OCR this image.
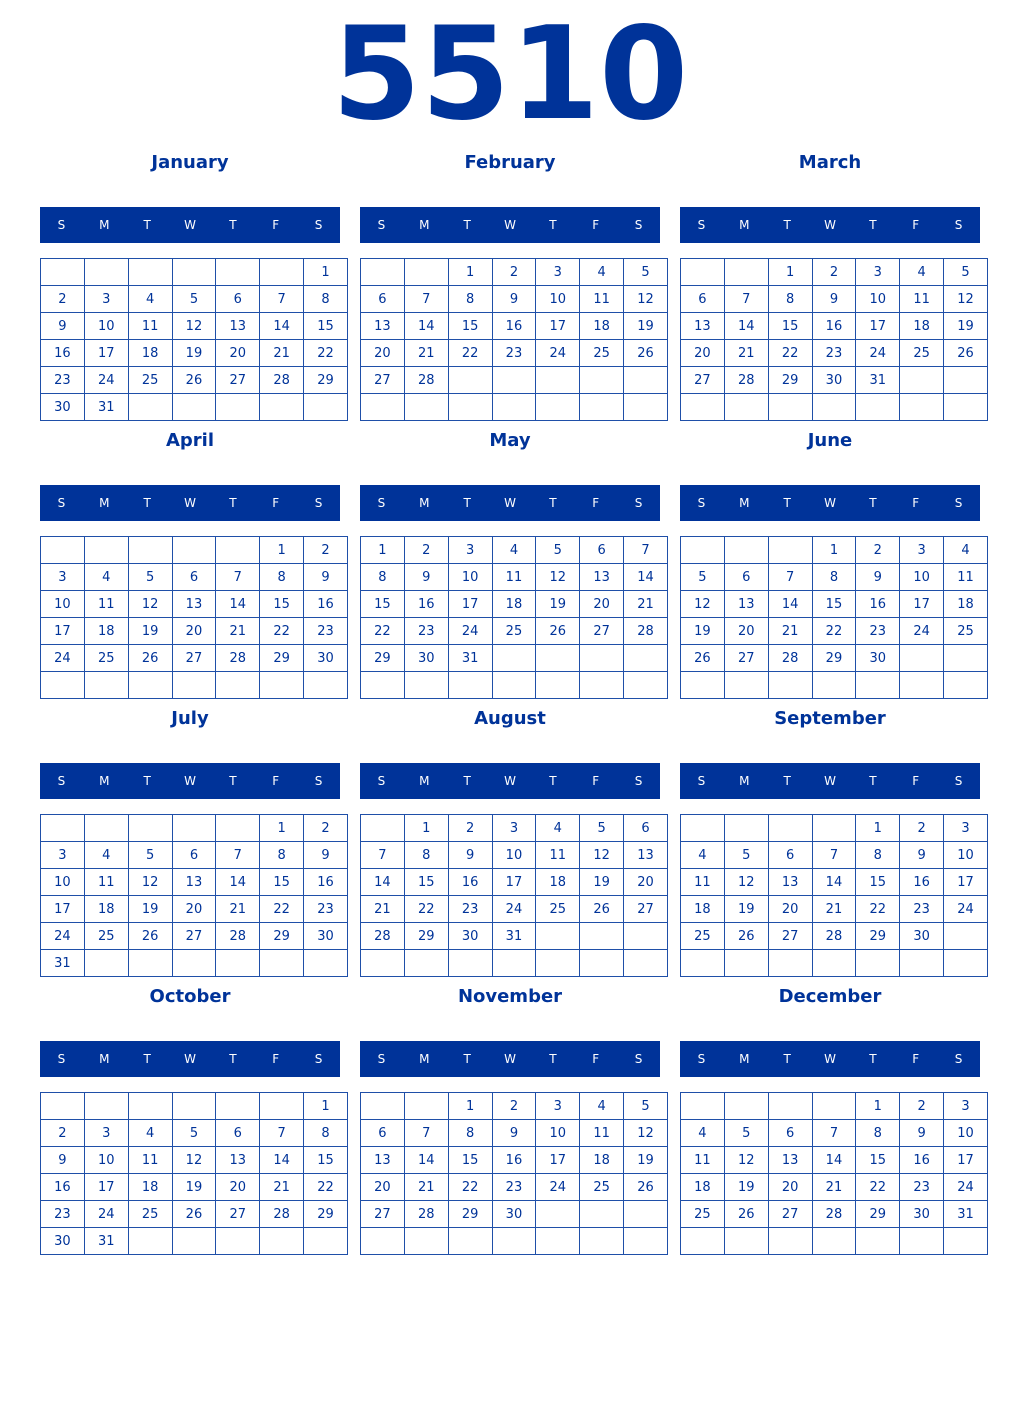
5510
January
S	M	T	W	T	F	S
						1
2	3	4	5	6	7	8
9	10	11	12	13	14	15
16	17	18	19	20	21	22
23	24	25	26	27	28	29
30	31					
February
S	M	T	W	T	F	S
		1	2	3	4	5
6	7	8	9	10	11	12
13	14	15	16	17	18	19
20	21	22	23	24	25	26
27	28					

March
S	M	T	W	T	F	S
		1	2	3	4	5
6	7	8	9	10	11	12
13	14	15	16	17	18	19
20	21	22	23	24	25	26
27	28	29	30	31		

April
S	M	T	W	T	F	S
					1	2
3	4	5	6	7	8	9
10	11	12	13	14	15	16
17	18	19	20	21	22	23
24	25	26	27	28	29	30

May
S	M	T	W	T	F	S
1	2	3	4	5	6	7
8	9	10	11	12	13	14
15	16	17	18	19	20	21
22	23	24	25	26	27	28
29	30	31				

June
S	M	T	W	T	F	S
			1	2	3	4
5	6	7	8	9	10	11
12	13	14	15	16	17	18
19	20	21	22	23	24	25
26	27	28	29	30		

July
S	M	T	W	T	F	S
					1	2
3	4	5	6	7	8	9
10	11	12	13	14	15	16
17	18	19	20	21	22	23
24	25	26	27	28	29	30
31						
August
S	M	T	W	T	F	S
	1	2	3	4	5	6
7	8	9	10	11	12	13
14	15	16	17	18	19	20
21	22	23	24	25	26	27
28	29	30	31			

September
S	M	T	W	T	F	S
				1	2	3
4	5	6	7	8	9	10
11	12	13	14	15	16	17
18	19	20	21	22	23	24
25	26	27	28	29	30	

October
S	M	T	W	T	F	S
						1
2	3	4	5	6	7	8
9	10	11	12	13	14	15
16	17	18	19	20	21	22
23	24	25	26	27	28	29
30	31					
November
S	M	T	W	T	F	S
		1	2	3	4	5
6	7	8	9	10	11	12
13	14	15	16	17	18	19
20	21	22	23	24	25	26
27	28	29	30			

December
S	M	T	W	T	F	S
				1	2	3
4	5	6	7	8	9	10
11	12	13	14	15	16	17
18	19	20	21	22	23	24
25	26	27	28	29	30	31
